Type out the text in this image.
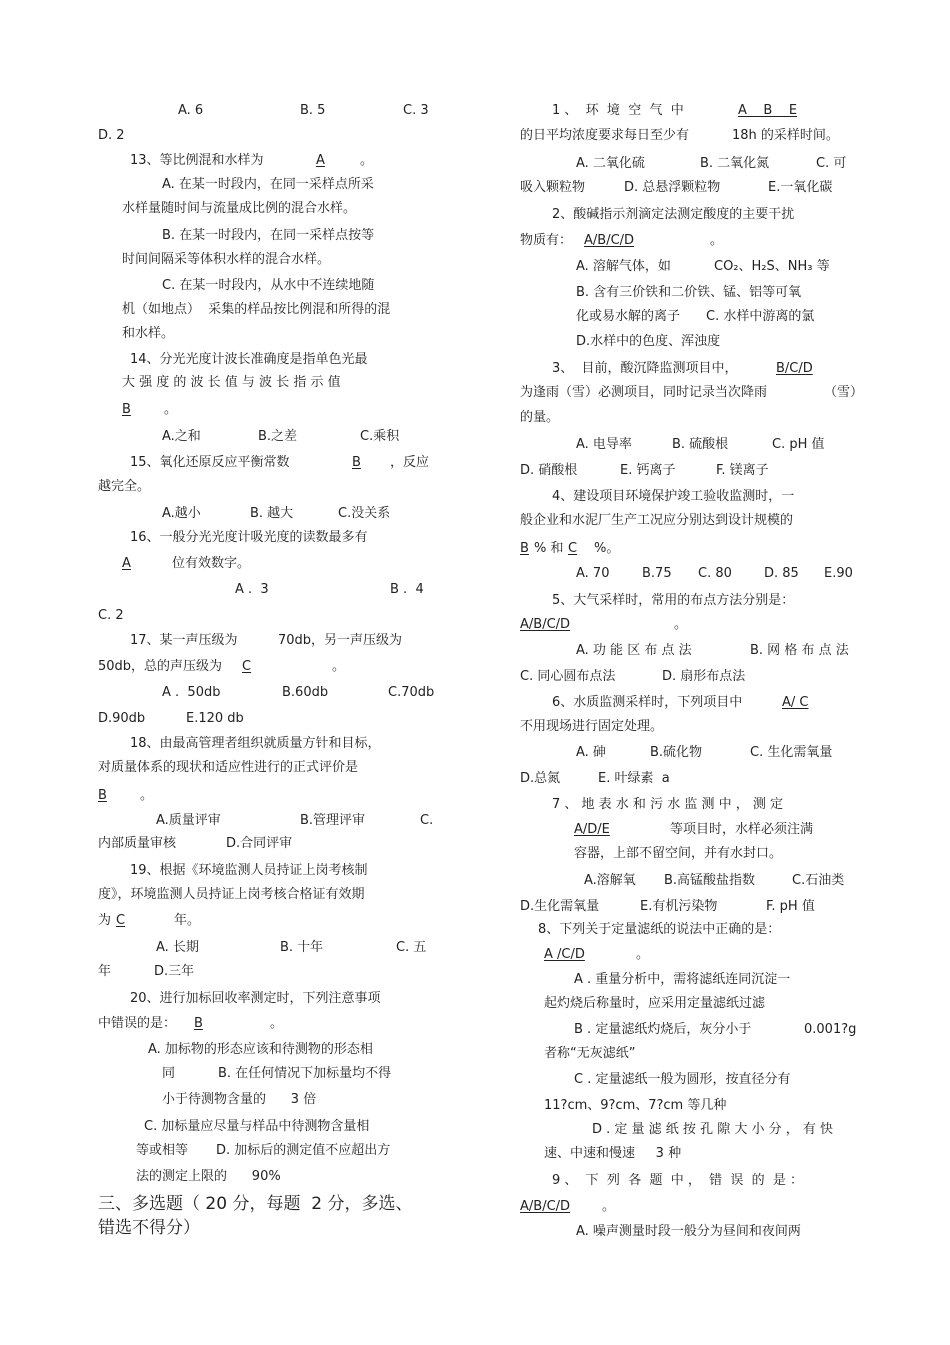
A. 6	B. 5	C. 3
D. 2
13、等比例混和水样为	A	。
A. 在某一时段内，在同一采样点所采
水样量随时间与流量成比例的混合水样。
B. 在某一时段内，在同一采样点按等
时间间隔采等体积水样的混合水样。
C. 在某一时段内，从水中不连续地随
机（如地点）  采集的样品按比例混和所得的混
和水样。
14、分光光度计波长准确度是指单色光最
大 强 度 的 波 长 值 与 波 长 指 示 值
B	。
A.之和	B.之差	C.乘积
15、氧化还原反应平衡常数	B ，反应
越完全。
A.越小	B. 越大	C.没关系
16、一般分光光度计吸光度的读数最多有
A	位有效数字。
A .  3	B .  4
C. 2
17、某一声压级为	70db，另一声压级为
50db，总的声压级为 C	。
A .  50db	B.60db	C.70db
D.90db	E.120 db
18、由最高管理者组织就质量方针和目标，
对质量体系的现状和适应性进行的正式评价是
B	。
A.质量评审	B.管理评审	C.
内部质量审核	D.合同评审
19、根据《环境监测人员持证上岗考核制
度》，环境监测人员持证上岗考核合格证有效期
为 C	年。
A. 长期	B. 十年	C. 五
年	D.三年
20、进行加标回收率测定时，下列注意事项
中错误的是： B	。
A. 加标物的形态应该和待测物的形态相
同	B. 在任何情况下加标量均不得
小于待测物含量的      3 倍
C. 加标量应尽量与样品中待测物含量相
等或相等 D. 加标后的测定值不应超出方
法的测定上限的      90%
三、多选题（ 20 分，每题  2 分，多选、
错选不得分）
1 、  环  境  空  气  中	A    B    E
的日平均浓度要求每日至少有	18h 的采样时间。
A. 二氧化硫	B. 二氧化氮	C. 可
吸入颗粒物	D. 总悬浮颗粒物	E.一氧化碳
2、酸碱指示剂滴定法测定酸度的主要干扰
物质有： A/B/C/D	。
A. 溶解气体，如	CO₂、H₂S、NH₃ 等
B. 含有三价铁和二价铁、锰、铝等可氧
化或易水解的离子 C. 水样中游离的氯
D.水样中的色度、浑浊度
3、  目前，酸沉降监测项目中，	B/C/D
为逢雨（雪）必测项目，同时记录当次降雨	（雪）
的量。
A. 电导率	B. 硫酸根	C. pH 值
D. 硝酸根	E. 钙离子	F. 镁离子
4、建设项目环境保护竣工验收监测时，一
般企业和水泥厂生产工况应分别达到设计规模的
B % 和 C %。
A. 70	B.75 C. 80 D. 85 E.90
5、大气采样时，常用的布点方法分别是：
A/B/C/D	。
A. 功 能 区 布 点 法	B. 网 格 布 点 法
C. 同心圆布点法	D. 扇形布点法
6、水质监测采样时，下列项目中	A/ C
不用现场进行固定处理。
A. 砷	B.硫化物	C. 生化需氧量
D.总氮	E. 叶绿素  a
7 、 地 表 水 和 污 水 监 测 中 ， 测 定
A/D/E	等项目时，水样必须注满
容器，上部不留空间，并有水封口。
A.溶解氧 B.高锰酸盐指数	C.石油类
D.生化需氧量	E.有机污染物	F. pH 值
8、下列关于定量滤纸的说法中正确的是：
A /C/D	。
A . 重量分析中，需将滤纸连同沉淀一
起灼烧后称量时，应采用定量滤纸过滤
B . 定量滤纸灼烧后，灰分小于	0.001?g
者称“无灰滤纸”
C . 定量滤纸一般为圆形，按直径分有
11?cm、9?cm、7?cm 等几种
D . 定 量 滤 纸 按 孔 隙 大 小 分 ， 有 快
速、中速和慢速     3 种
9 、  下  列  各  题  中 ，  错  误  的  是 ：
A/B/C/D 。
A. 噪声测量时段一般分为昼间和夜间两
